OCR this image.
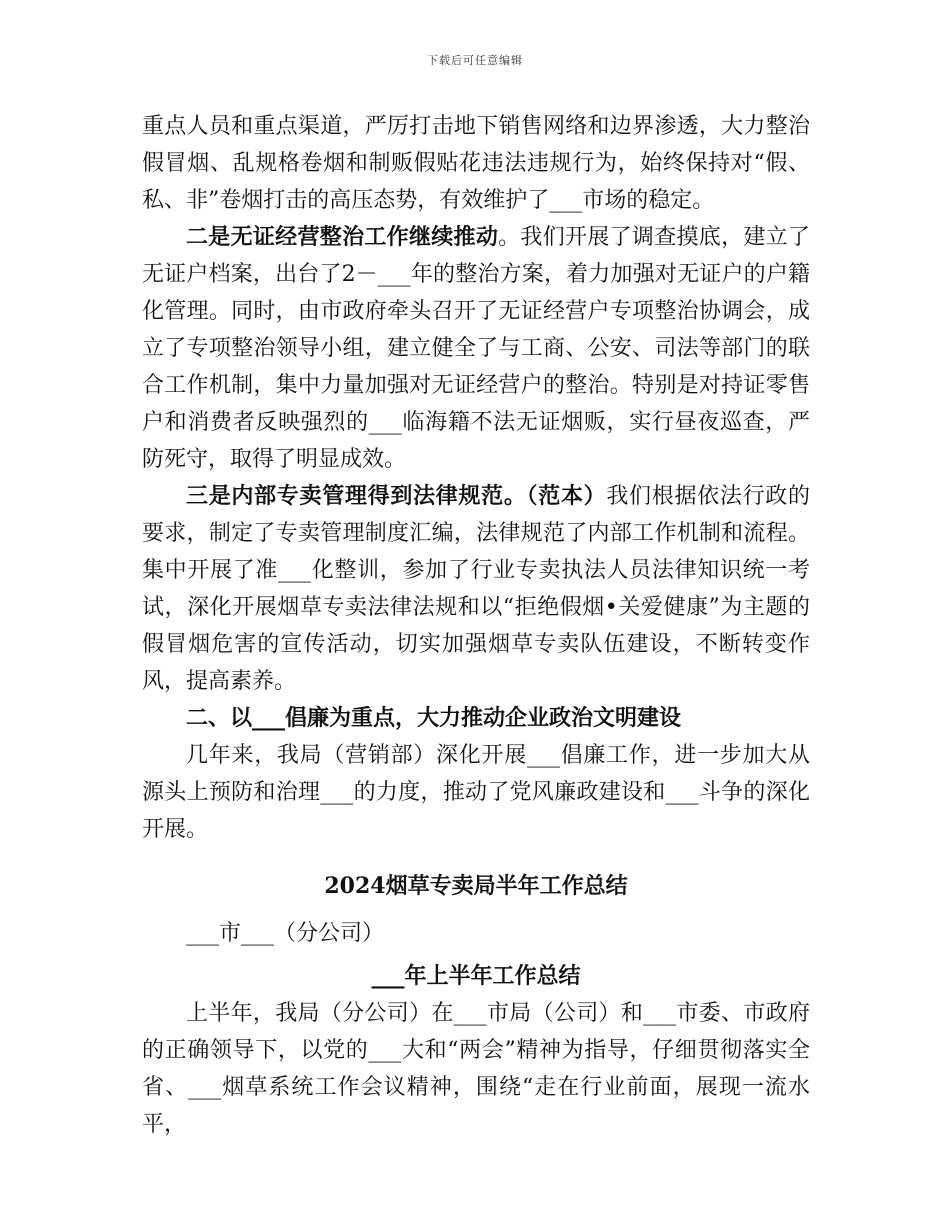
下载后可任意编辑

重点人员和重点渠道，严厉打击地下销售网络和边界渗透，大力整治假冒烟、乱规格卷烟和制贩假贴花违法违规行为，始终保持对“假、私、非”卷烟打击的高压态势，有效维护了___市场的稳定。

二是无证经营整治工作继续推动。我们开展了调查摸底，建立了无证户档案，出台了2－___年的整治方案，着力加强对无证户的户籍化管理。同时，由市政府牵头召开了无证经营户专项整治协调会，成立了专项整治领导小组，建立健全了与工商、公安、司法等部门的联合工作机制，集中力量加强对无证经营户的整治。特别是对持证零售户和消费者反映强烈的___临海籍不法无证烟贩，实行昼夜巡查，严防死守，取得了明显成效。

三是内部专卖管理得到法律规范。（范本）我们根据依法行政的要求，制定了专卖管理制度汇编，法律规范了内部工作机制和流程。集中开展了准___化整训，参加了行业专卖执法人员法律知识统一考试，深化开展烟草专卖法律法规和以“拒绝假烟•关爱健康”为主题的假冒烟危害的宣传活动，切实加强烟草专卖队伍建设，不断转变作风，提高素养。

二、以___倡廉为重点，大力推动企业政治文明建设

几年来，我局（营销部）深化开展___倡廉工作，进一步加大从源头上预防和治理___的力度，推动了党风廉政建设和___斗争的深化开展。

2024烟草专卖局半年工作总结
___市___（分公司）
___年上半年工作总结

上半年，我局（分公司）在___市局（公司）和___市委、市政府的正确领导下，以党的___大和“两会”精神为指导，仔细贯彻落实全省、___烟草系统工作会议精神，围绕“走在行业前面，展现一流水平，
